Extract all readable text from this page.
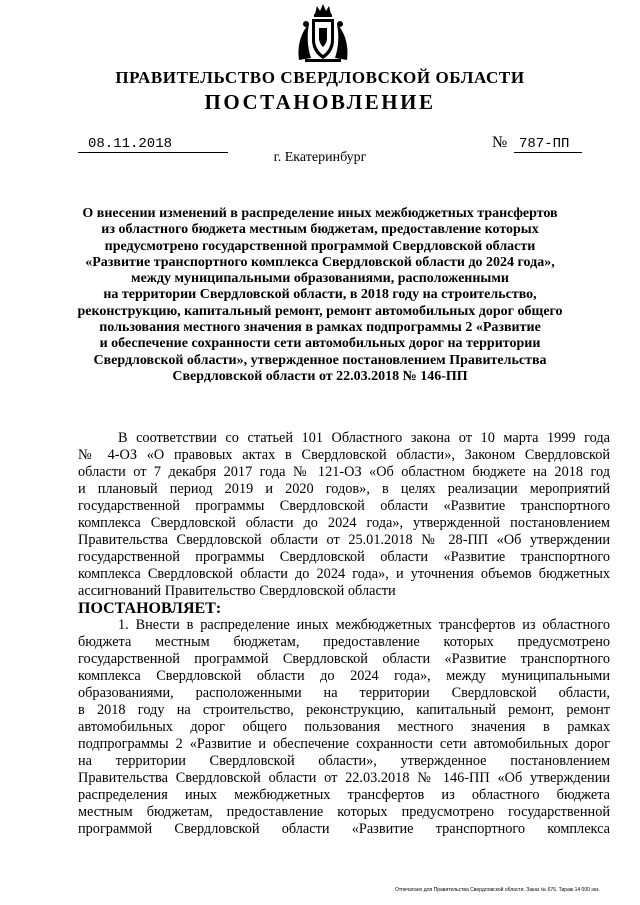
ПРАВИТЕЛЬСТВО СВЕРДЛОВСКОЙ ОБЛАСТИ
ПОСТАНОВЛЕНИЕ
08.11.2018	№ 787-ПП
г. Екатеринбург
О внесении изменений в распределение иных межбюджетных трансфертов
из областного бюджета местным бюджетам, предоставление которых
предусмотрено государственной программой Свердловской области
«Развитие транспортного комплекса Свердловской области до 2024 года»,
между муниципальными образованиями, расположенными
на территории Свердловской области, в 2018 году на строительство,
реконструкцию, капитальный ремонт, ремонт автомобильных дорог общего
пользования местного значения в рамках подпрограммы 2 «Развитие
и обеспечение сохранности сети автомобильных дорог на территории
Свердловской области», утвержденное постановлением Правительства
Свердловской области от 22.03.2018 № 146-ПП
В соответствии со статьей 101 Областного закона от 10 марта 1999 года
№ 4-ОЗ «О правовых актах в Свердловской области», Законом Свердловской
области от 7 декабря 2017 года № 121-ОЗ «Об областном бюджете на 2018 год
и плановый период 2019 и 2020 годов», в целях реализации мероприятий
государственной программы Свердловской области «Развитие транспортного
комплекса Свердловской области до 2024 года», утвержденной постановлением
Правительства Свердловской области от 25.01.2018 № 28-ПП «Об утверждении
государственной программы Свердловской области «Развитие транспортного
комплекса Свердловской области до 2024 года», и уточнения объемов бюджетных
ассигнований Правительство Свердловской области
ПОСТАНОВЛЯЕТ:
1. Внести в распределение иных межбюджетных трансфертов из областного
бюджета местным бюджетам, предоставление которых предусмотрено
государственной программой Свердловской области «Развитие транспортного
комплекса Свердловской области до 2024 года», между муниципальными
образованиями, расположенными на территории Свердловской области,
в 2018 году на строительство, реконструкцию, капитальный ремонт, ремонт
автомобильных дорог общего пользования местного значения в рамках
подпрограммы 2 «Развитие и обеспечение сохранности сети автомобильных дорог
на территории Свердловской области», утвержденное постановлением
Правительства Свердловской области от 22.03.2018 № 146-ПП «Об утверждении
распределения иных межбюджетных трансфертов из областного бюджета
местным бюджетам, предоставление которых предусмотрено государственной
программой Свердловской области «Развитие транспортного комплекса
Отпечатано для Правительства Свердловской области. Заказ № 676. Тираж 14 000 экз.
